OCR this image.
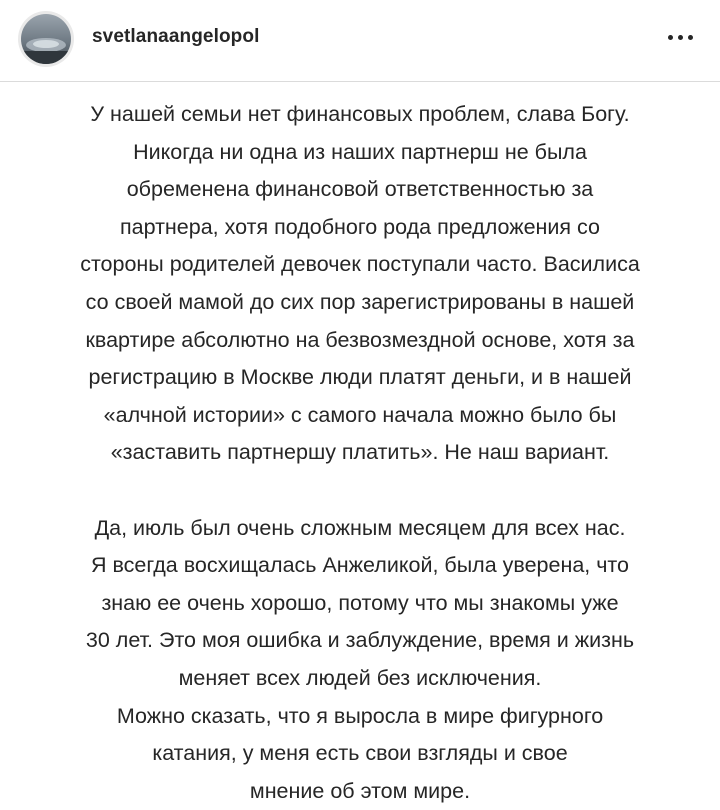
svetlanaangelopol
У нашей семьи нет финансовых проблем, слава Богу.
Никогда ни одна из наших партнерш не была
обременена финансовой ответственностью за
партнера, хотя подобного рода предложения со
стороны родителей девочек поступали часто. Василиса
со своей мамой до сих пор зарегистрированы в нашей
квартире абсолютно на безвозмездной основе, хотя за
регистрацию в Москве люди платят деньги, и в нашей
«алчной истории» с самого начала можно было бы
«заставить партнершу платить». Не наш вариант.
Да, июль был очень сложным месяцем для всех нас.
Я всегда восхищалась Анжеликой, была уверена, что
знаю ее очень хорошо, потому что мы знакомы уже
30 лет. Это моя ошибка и заблуждение, время и жизнь
меняет всех людей без исключения.
Можно сказать, что я выросла в мире фигурного
катания, у меня есть свои взгляды и свое
мнение об этом мире.
